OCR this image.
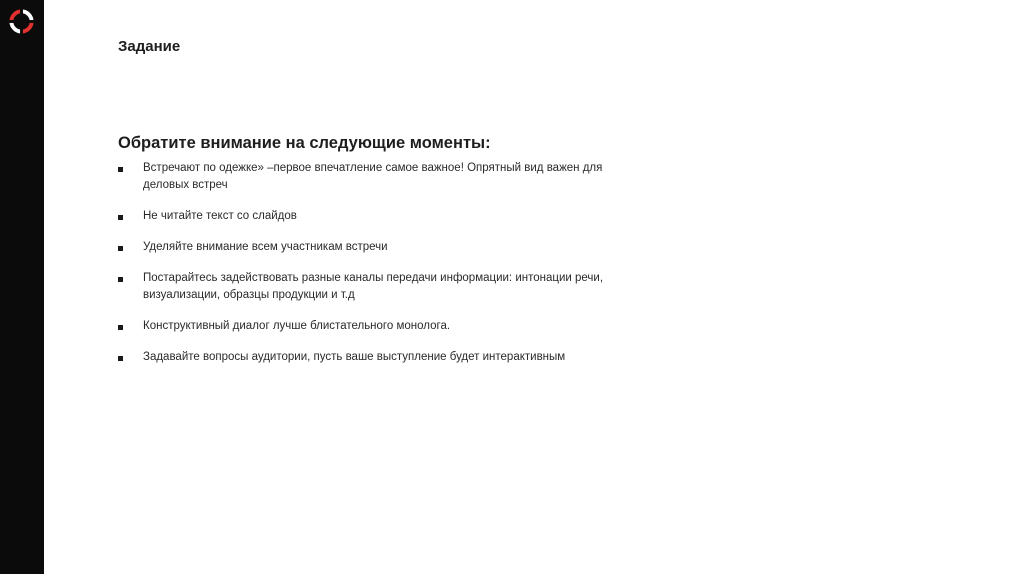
Задание
Обратите внимание на следующие моменты:
Встречают по одежке» –первое впечатление самое важное! Опрятный вид важен для деловых встреч
Не читайте текст со слайдов
Уделяйте внимание всем участникам встречи
Постарайтесь задействовать разные каналы передачи информации: интонации речи, визуализации, образцы продукции и т.д
Конструктивный диалог лучше блистательного монолога.
Задавайте вопросы аудитории, пусть ваше выступление будет интерактивным
